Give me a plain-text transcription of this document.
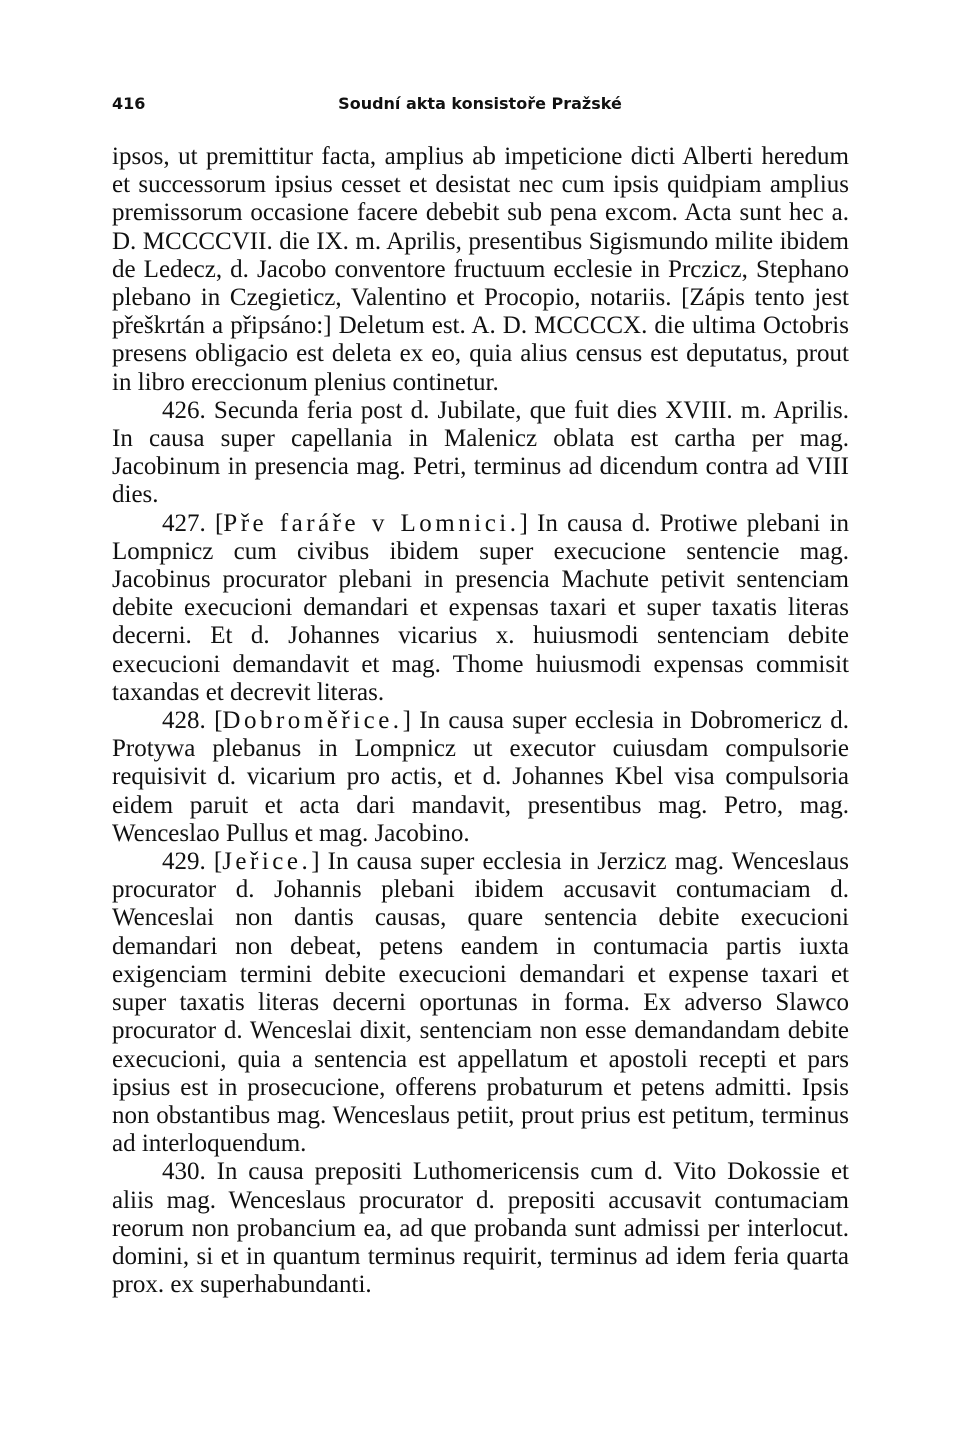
416	Soudní akta konsistoře Pražské

ipsos, ut premittitur facta, amplius ab impeticione dicti Alberti heredum et successorum ipsius cesset et desistat nec cum ipsis quidpiam amplius premissorum occasione facere debebit sub pena excom. Acta sunt hec a. D. MCCCCVII. die IX. m. Aprilis, presentibus Sigismundo milite ibidem de Ledecz, d. Jacobo conventore fructuum ecclesie in Prczicz, Stephano plebano in Czegieticz, Valentino et Procopio, notariis. [Zápis tento jest přeškrtán a připsáno:] Deletum est. A. D. MCCCCX. die ultima Octobris presens obligacio est deleta ex eo, quia alius census est deputatus, prout in libro ereccionum plenius continetur.

426. Secunda feria post d. Jubilate, que fuit dies XVIII. m. Aprilis. In causa super capellania in Malenicz oblata est cartha per mag. Jacobinum in presencia mag. Petri, terminus ad dicendum contra ad VIII dies.

427. [Pře faráře v Lomnici.] In causa d. Protiwe plebani in Lompnicz cum civibus ibidem super execucione sentencie mag. Jacobinus procurator plebani in presencia Machute petivit sentenciam debite execucioni demandari et expensas taxari et super taxatis literas decerni. Et d. Johannes vicarius x. huiusmodi sentenciam debite execucioni demandavit et mag. Thome huiusmodi expensas commisit taxandas et decrevit literas.

428. [Dobroměřice.] In causa super ecclesia in Dobromericz d. Protywa plebanus in Lompnicz ut executor cuiusdam compulsorie requisivit d. vicarium pro actis, et d. Johannes Kbel visa compulsoria eidem paruit et acta dari mandavit, presentibus mag. Petro, mag. Wenceslao Pullus et mag. Jacobino.

429. [Jeřice.] In causa super ecclesia in Jerzicz mag. Wenceslaus procurator d. Johannis plebani ibidem accusavit contumaciam d. Wenceslai non dantis causas, quare sentencia debite execucioni demandari non debeat, petens eandem in contumacia partis iuxta exigenciam termini debite execucioni demandari et expense taxari et super taxatis literas decerni oportunas in forma. Ex adverso Slawco procurator d. Wenceslai dixit, sentenciam non esse demandandam debite execucioni, quia a sentencia est appellatum et apostoli recepti et pars ipsius est in prosecucione, offerens probaturum et petens admitti. Ipsis non obstantibus mag. Wenceslaus petiit, prout prius est petitum, terminus ad interloquendum.

430. In causa prepositi Luthomericensis cum d. Vito Dokossie et aliis mag. Wenceslaus procurator d. prepositi accusavit contumaciam reorum non probancium ea, ad que probanda sunt admissi per interlocut. domini, si et in quantum terminus requirit, terminus ad idem feria quarta prox. ex superhabundanti.
